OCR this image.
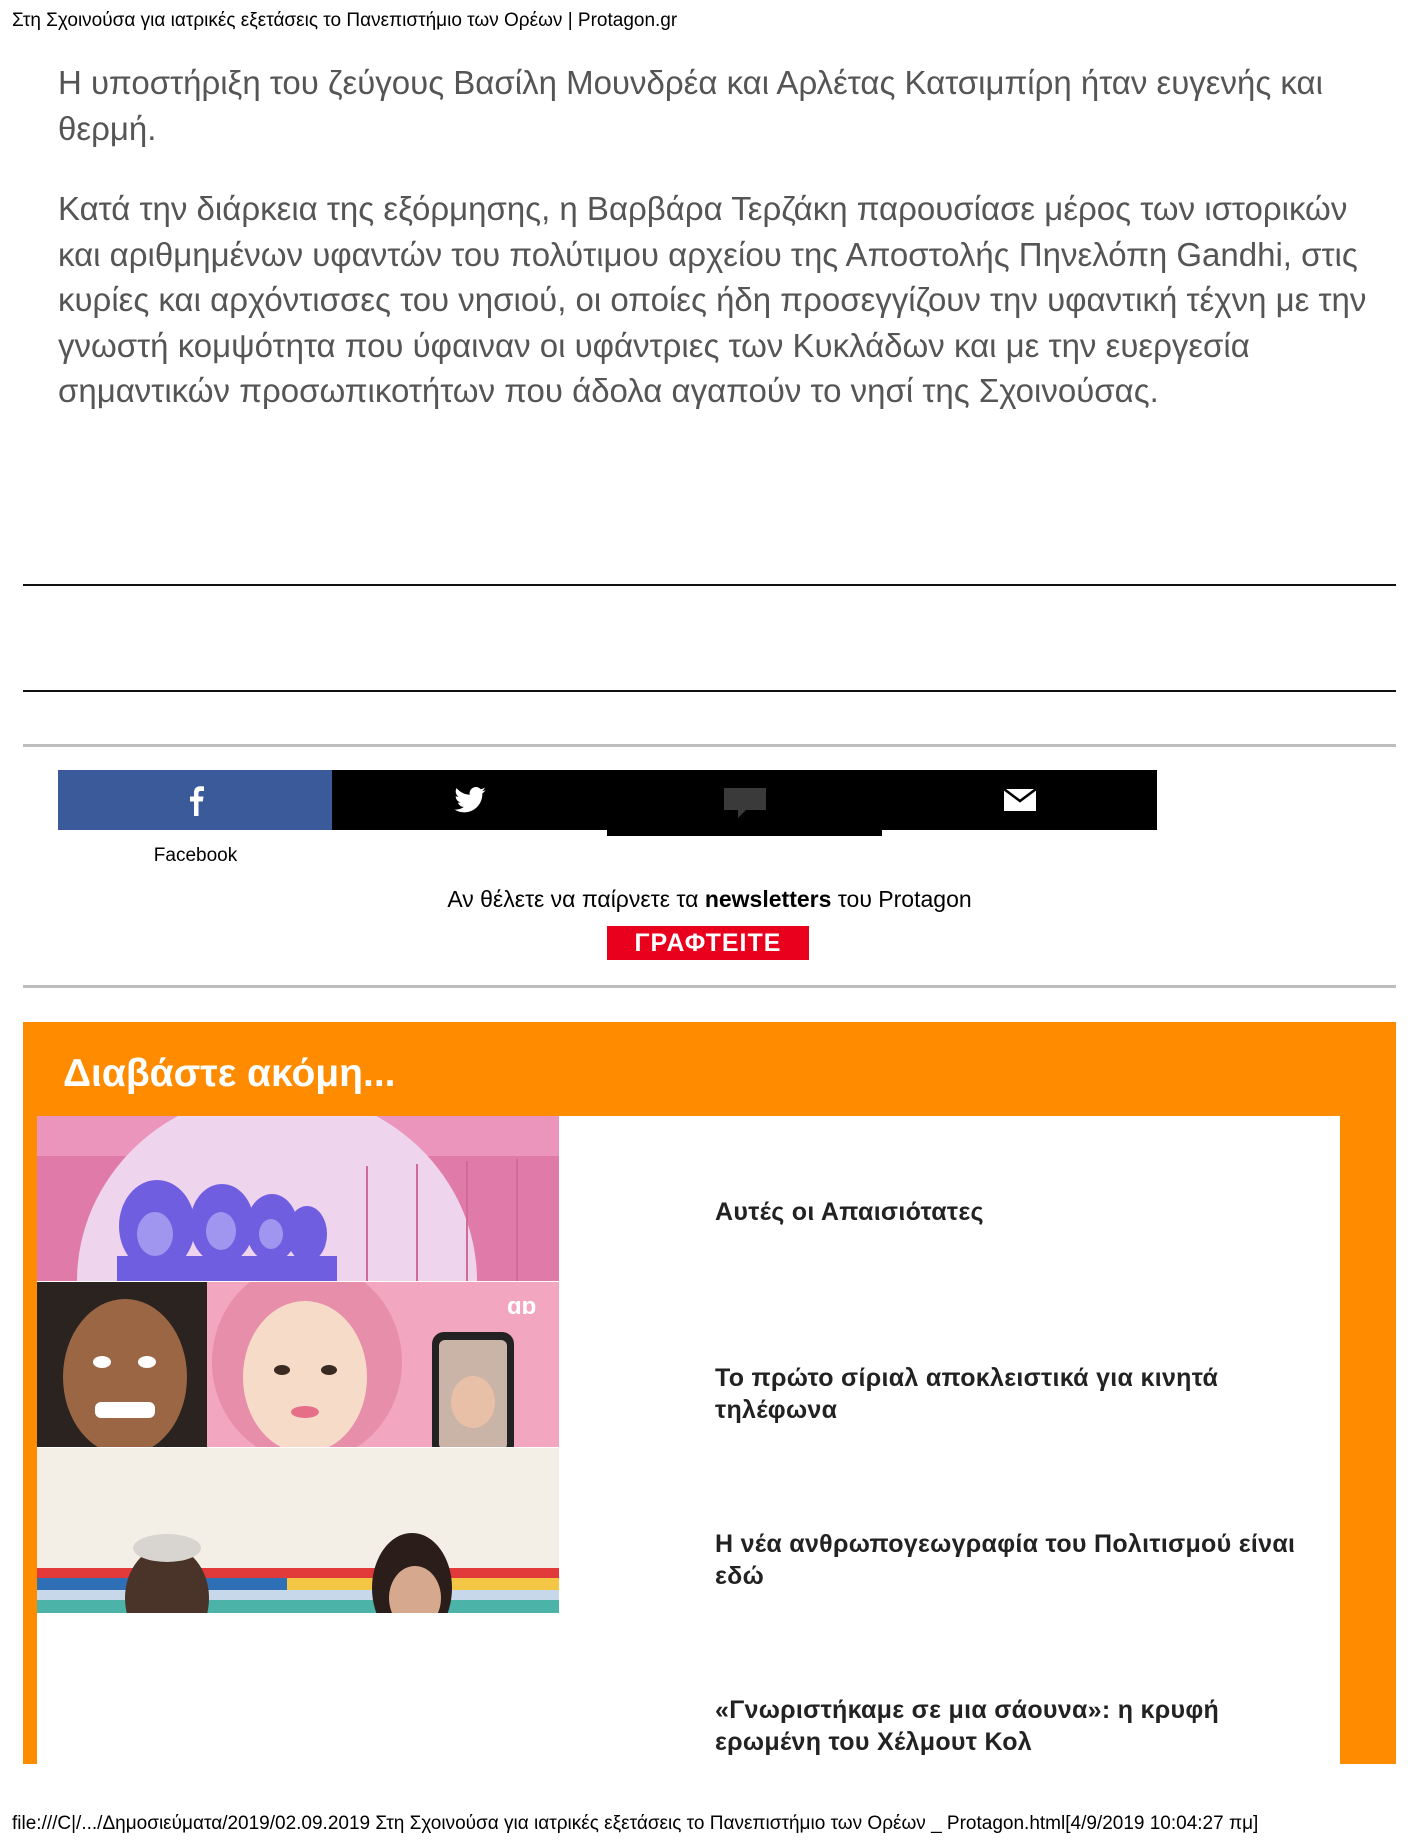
Στη Σχοινούσα για ιατρικές εξετάσεις το Πανεπιστήμιο των Ορέων | Protagon.gr

Η υποστήριξη του ζεύγους Βασίλη Μουνδρέα και Αρλέτας Κατσιμπίρη ήταν ευγενής και θερμή.

Κατά την διάρκεια της εξόρμησης, η Βαρβάρα Τερζάκη παρουσίασε μέρος των ιστορικών και αριθμημένων υφαντών του πολύτιμου αρχείου της Αποστολής Πηνελόπη Gandhi, στις κυρίες και αρχόντισσες του νησιού, οι οποίες ήδη προσεγγίζουν την υφαντική τέχνη με την γνωστή κομψότητα που ύφαιναν οι υφάντριες των Κυκλάδων και με την ευεργεσία σημαντικών προσωπικοτήτων που άδολα αγαπούν το νησί της Σχοινούσας.

Facebook
Αν θέλετε να παίρνετε τα newsletters του Protagon
ΓΡΑΦΤΕΙΤΕ
Διαβάστε ακόμη...
Αυτές οι Απαισιότατες
ɑɒ
Το πρώτο σίριαλ αποκλειστικά για κινητά τηλέφωνα
Η νέα ανθρωπογεωγραφία του Πολιτισμού είναι εδώ
«Γνωριστήκαμε σε μια σάουνα»: η κρυφή ερωμένη του Χέλμουτ Κολ
file:///C|/.../Δημοσιεύματα/2019/02.09.2019 Στη Σχοινούσα για ιατρικές εξετάσεις το Πανεπιστήμιο των Ορέων _ Protagon.html[4/9/2019 10:04:27 πμ]
